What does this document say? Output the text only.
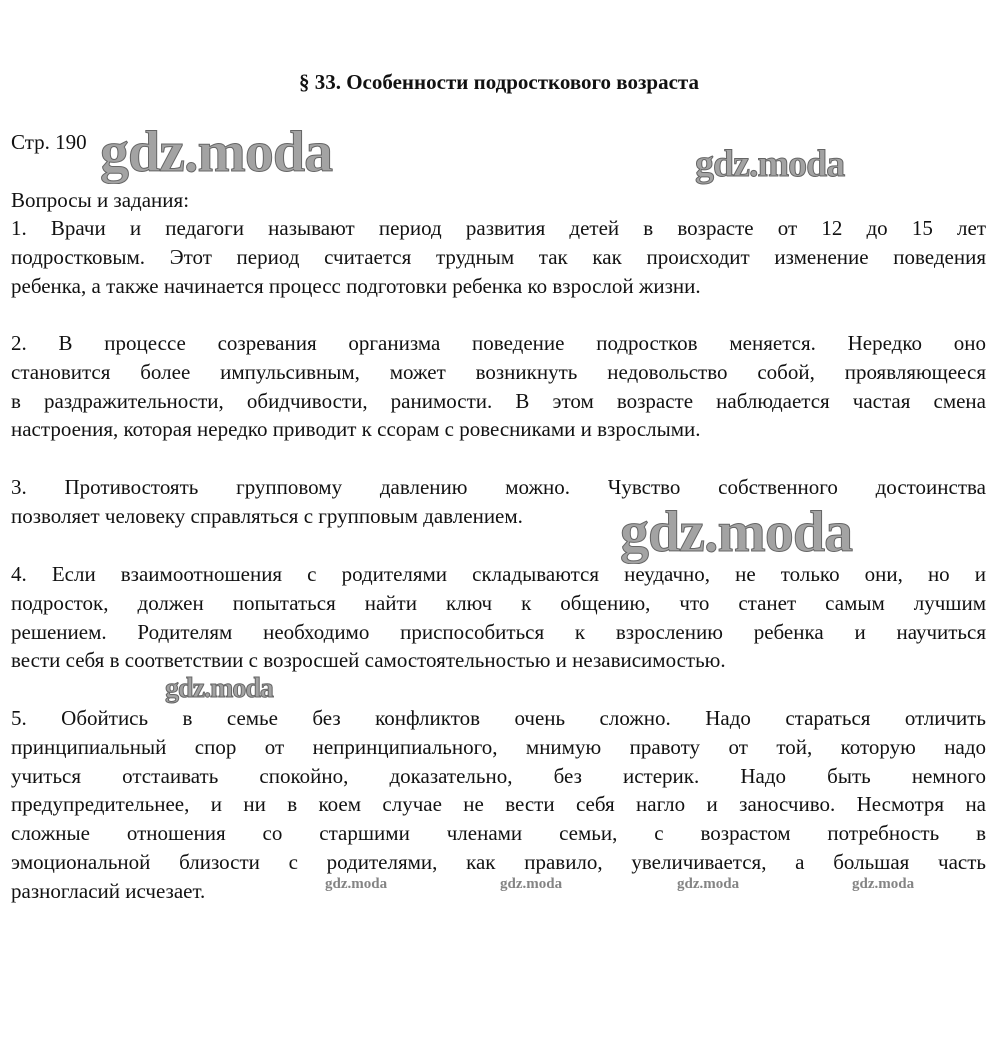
§ 33. Особенности подросткового возраста
Стр. 190
Вопросы и задания:
1. Врачи и педагоги называют период развития детей в возрасте от 12 до 15 лет
подростковым. Этот период считается трудным так как происходит изменение поведения
ребенка, а также начинается процесс подготовки ребенка ко взрослой жизни.
2. В процессе созревания организма поведение подростков меняется. Нередко оно
становится более импульсивным, может возникнуть недовольство собой, проявляющееся
в раздражительности, обидчивости, ранимости. В этом возрасте наблюдается частая смена
настроения, которая нередко приводит к ссорам с ровесниками и взрослыми.
3. Противостоять групповому давлению можно. Чувство собственного достоинства
позволяет человеку справляться с групповым давлением.
4. Если взаимоотношения с родителями складываются неудачно, не только они, но и
подросток, должен попытаться найти ключ к общению, что станет самым лучшим
решением. Родителям необходимо приспособиться к взрослению ребенка и научиться
вести себя в соответствии с возросшей самостоятельностью и независимостью.
5. Обойтись в семье без конфликтов очень сложно. Надо стараться отличить
принципиальный спор от непринципиального, мнимую правоту от той, которую надо
учиться отстаивать спокойно, доказательно, без истерик. Надо быть немного
предупредительнее, и ни в коем случае не вести себя нагло и заносчиво. Несмотря на
сложные отношения со старшими членами семьи, с возрастом потребность в
эмоциональной близости с родителями, как правило, увеличивается, а большая часть
разногласий исчезает.
gdz.moda	gdz.moda
gdz.moda
gdz.moda
gdz.moda	gdz.moda	gdz.moda	gdz.moda
